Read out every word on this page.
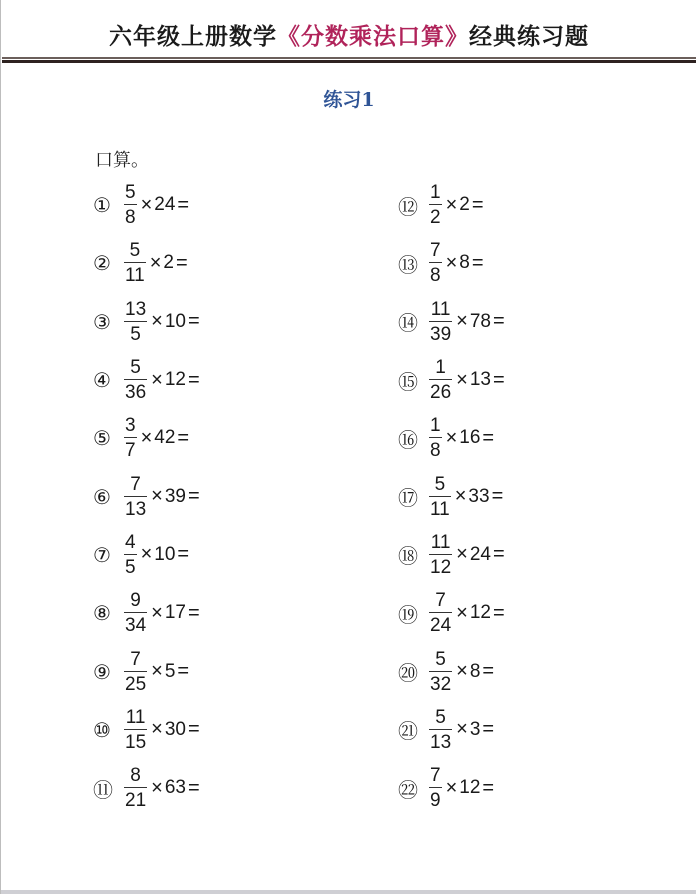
六年级上册数学《分数乘法口算》经典练习题
练习1
口算。
① $\frac{5}{8} \times 24$ =
② $\frac{5}{11} \times 2$ =
③ $\frac{13}{5} \times 10$ =
④ $\frac{5}{36} \times 12$ =
⑤ $\frac{3}{7} \times 42$ =
⑥ $\frac{7}{13} \times 39$ =
⑦ $\frac{4}{5} \times 10$ =
⑧ $\frac{9}{34} \times 17$ =
⑨ $\frac{7}{25} \times 5$ =
⑩ $\frac{11}{15} \times 30$ =
⑪ $\frac{8}{21} \times 63$ =
⑫ $\frac{1}{2} \times 2$ =
⑬ $\frac{7}{8} \times 8$ =
⑭ $\frac{11}{39} \times 78$ =
⑮ $\frac{1}{26} \times 13$ =
⑯ $\frac{1}{8} \times 16$ =
⑰ $\frac{5}{11} \times 33$ =
⑱ $\frac{11}{12} \times 24$ =
⑲ $\frac{7}{24} \times 12$ =
⑳ $\frac{5}{32} \times 8$ =
㉑ $\frac{5}{13} \times 3$ =
㉒ $\frac{7}{9} \times 12$ =
